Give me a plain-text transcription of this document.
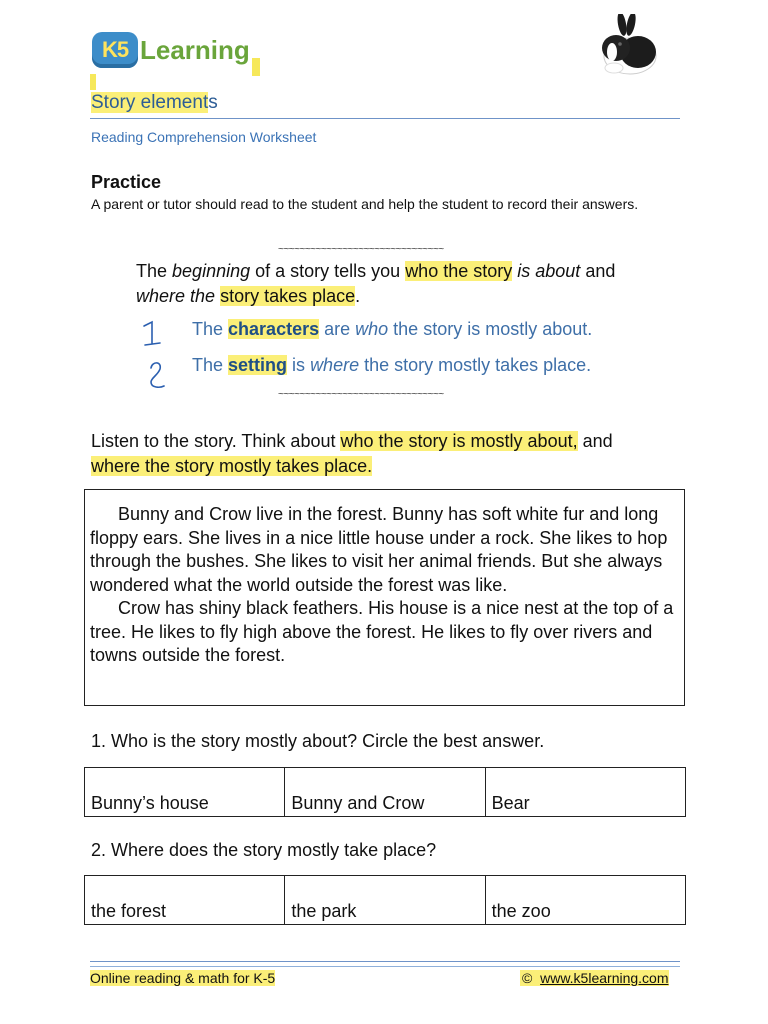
K5 Learning
Story elements
Reading Comprehension Worksheet
Practice
A parent or tutor should read to the student and help the student to record their answers.
~~~~~~~~~~~~~~~~~~~~~~~~~~~~~~~
The beginning of a story tells you who the story is about and
where the story takes place.
The characters are who the story is mostly about.
The setting is where the story mostly takes place.
~~~~~~~~~~~~~~~~~~~~~~~~~~~~~~~
Listen to the story. Think about who the story is mostly about, and
where the story mostly takes place.

Bunny and Crow live in the forest. Bunny has soft white fur and long floppy ears. She lives in a nice little house under a rock. She likes to hop through the bushes. She likes to visit her animal friends. But she always wondered what the world outside the forest was like.

Crow has shiny black feathers. His house is a nice nest at the top of a tree. He likes to fly high above the forest. He likes to fly over rivers and towns outside the forest.

1. Who is the story mostly about? Circle the best answer.
Bunny’s house	Bunny and Crow	Bear
2. Where does the story mostly take place?
the forest	the park	the zoo
Online reading & math for K-5	© www.k5learning.com
